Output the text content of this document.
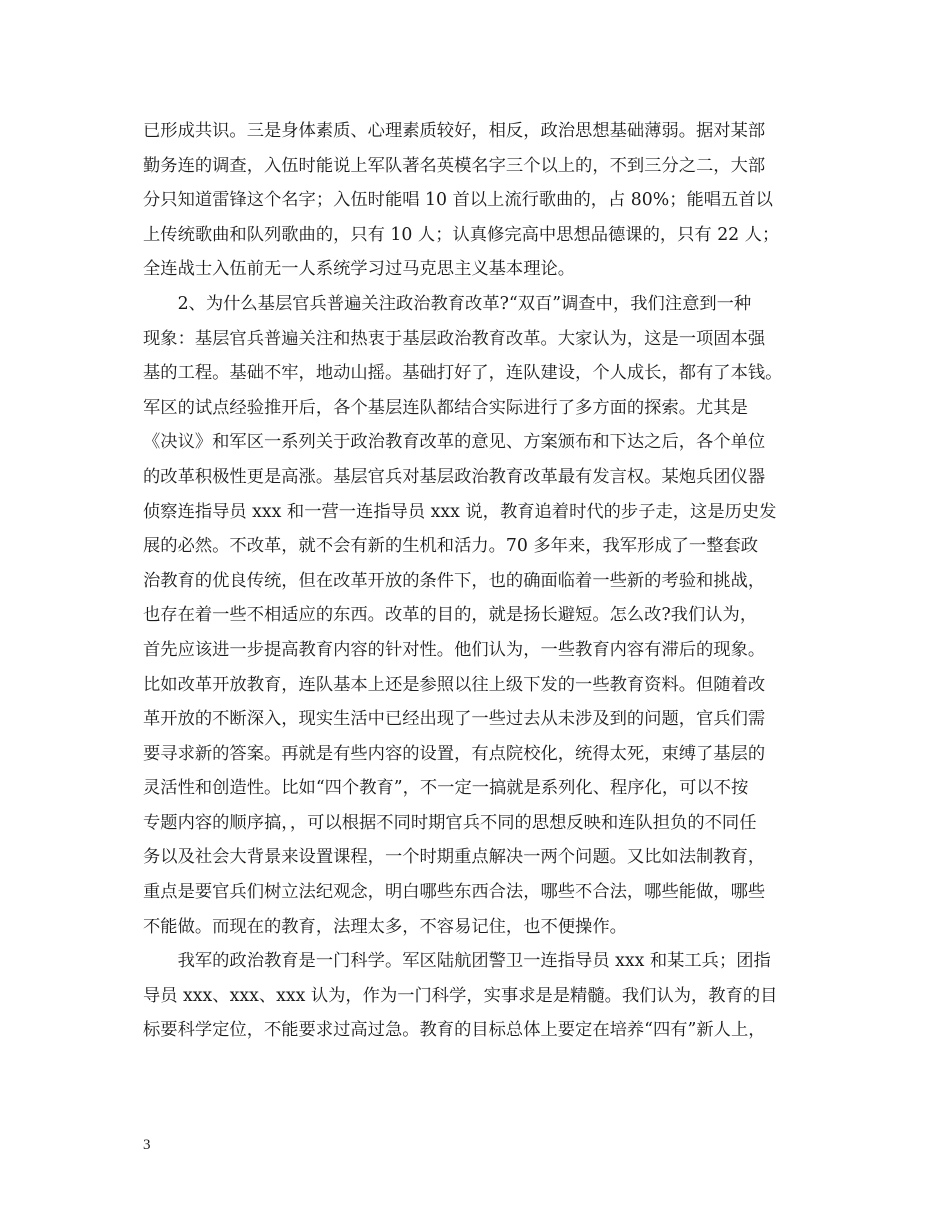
已形成共识。三是身体素质、心理素质较好，相反，政治思想基础薄弱。据对某部
勤务连的调查，入伍时能说上军队著名英模名字三个以上的，不到三分之二，大部
分只知道雷锋这个名字；入伍时能唱 10 首以上流行歌曲的，占 80%；能唱五首以
上传统歌曲和队列歌曲的，只有 10 人；认真修完高中思想品德课的，只有 22 人；
全连战士入伍前无一人系统学习过马克思主义基本理论。
　　2、为什么基层官兵普遍关注政治教育改革?“双百”调查中，我们注意到一种
现象：基层官兵普遍关注和热衷于基层政治教育改革。大家认为，这是一项固本强
基的工程。基础不牢，地动山摇。基础打好了，连队建设，个人成长，都有了本钱。
军区的试点经验推开后，各个基层连队都结合实际进行了多方面的探索。尤其是
《决议》和军区一系列关于政治教育改革的意见、方案颁布和下达之后，各个单位
的改革积极性更是高涨。基层官兵对基层政治教育改革最有发言权。某炮兵团仪器
侦察连指导员 xxx 和一营一连指导员 xxx 说，教育追着时代的步子走，这是历史发
展的必然。不改革，就不会有新的生机和活力。70 多年来，我军形成了一整套政
治教育的优良传统，但在改革开放的条件下，也的确面临着一些新的考验和挑战，
也存在着一些不相适应的东西。改革的目的，就是扬长避短。怎么改?我们认为，
首先应该进一步提高教育内容的针对性。他们认为，一些教育内容有滞后的现象。
比如改革开放教育，连队基本上还是参照以往上级下发的一些教育资料。但随着改
革开放的不断深入，现实生活中已经出现了一些过去从未涉及到的问题，官兵们需
要寻求新的答案。再就是有些内容的设置，有点院校化，统得太死，束缚了基层的
灵活性和创造性。比如“四个教育”，不一定一搞就是系列化、程序化，可以不按
专题内容的顺序搞，，可以根据不同时期官兵不同的思想反映和连队担负的不同任
务以及社会大背景来设置课程，一个时期重点解决一两个问题。又比如法制教育，
重点是要官兵们树立法纪观念，明白哪些东西合法，哪些不合法，哪些能做，哪些
不能做。而现在的教育，法理太多，不容易记住，也不便操作。
　　我军的政治教育是一门科学。军区陆航团警卫一连指导员 xxx 和某工兵；团指
导员 xxx、xxx、xxx 认为，作为一门科学，实事求是是精髓。我们认为，教育的目
标要科学定位，不能要求过高过急。教育的目标总体上要定在培养“四有”新人上，
3
